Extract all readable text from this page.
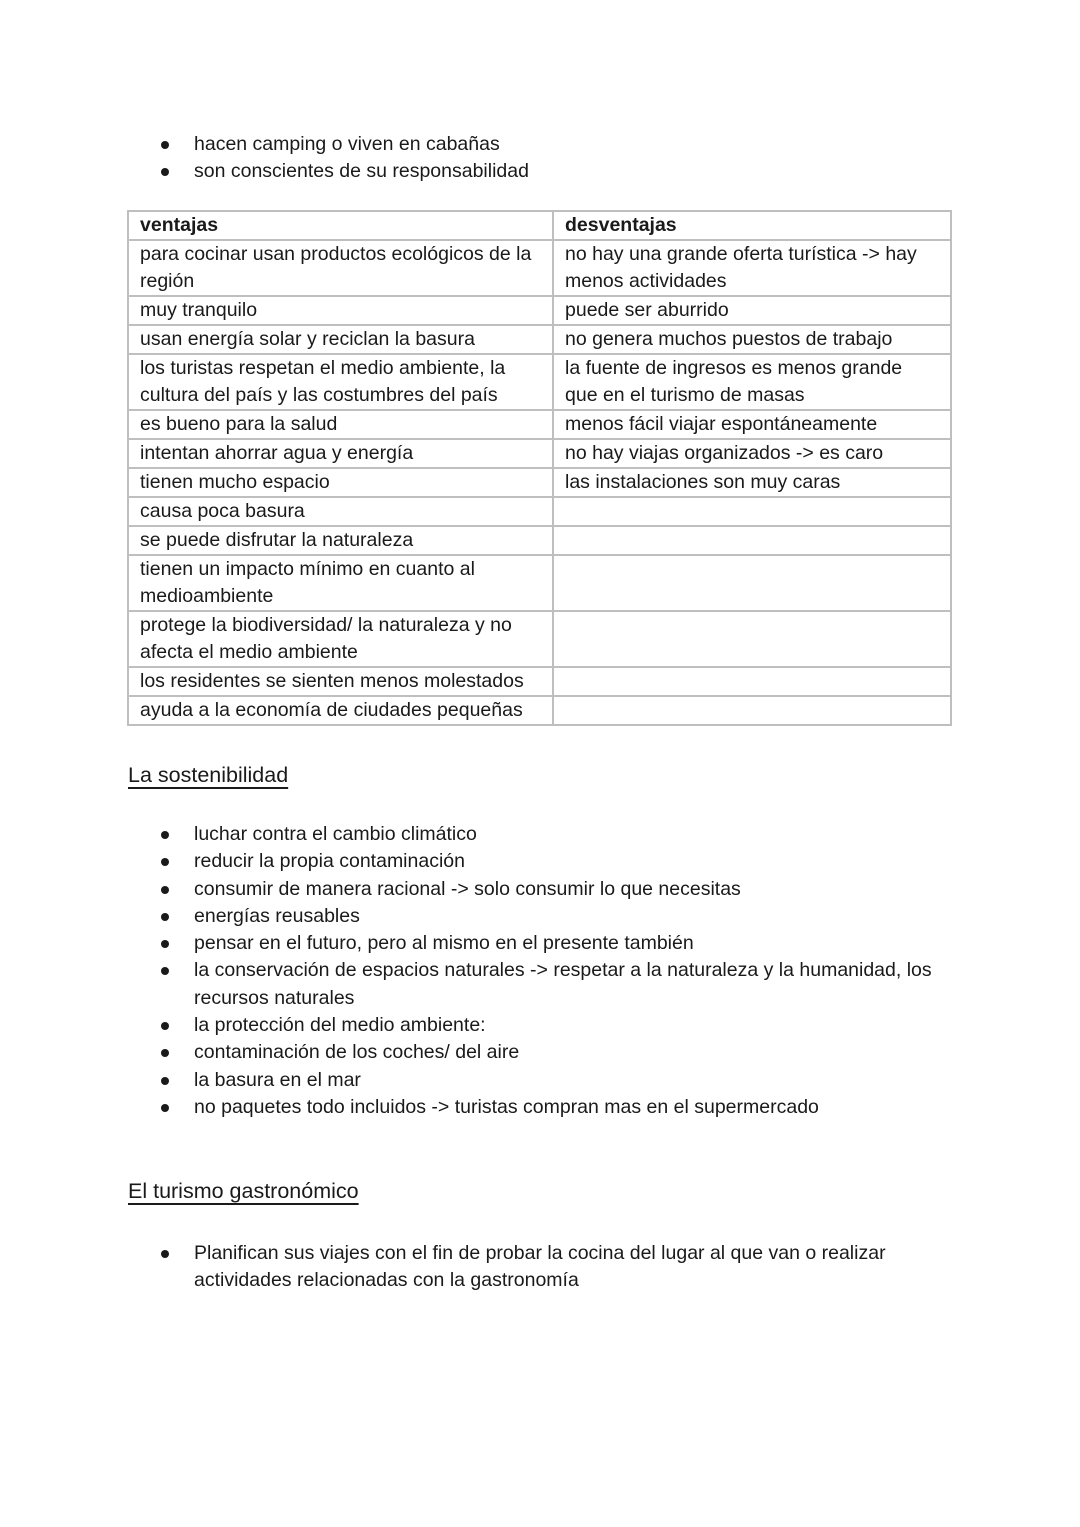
hacen camping o viven en cabañas
son conscientes de su responsabilidad
ventajas	desventajas
para cocinar usan productos ecológicos de la región	no hay una grande oferta turística -> hay menos actividades
muy tranquilo	puede ser aburrido
usan energía solar y reciclan la basura	no genera muchos puestos de trabajo
los turistas respetan el medio ambiente, la cultura del país y las costumbres del país	la fuente de ingresos es menos grande que en el turismo de masas
es bueno para la salud	menos fácil viajar espontáneamente
intentan ahorrar agua y energía	no hay viajas organizados -> es caro
tienen mucho espacio	las instalaciones son muy caras
causa poca basura	
se puede disfrutar la naturaleza	
tienen un impacto mínimo en cuanto al medioambiente	
protege la biodiversidad/ la naturaleza y no afecta el medio ambiente	
los residentes se sienten menos molestados	
ayuda a la economía de ciudades pequeñas	
La sostenibilidad
luchar contra el cambio climático
reducir la propia contaminación
consumir de manera racional -> solo consumir lo que necesitas
energías reusables
pensar en el futuro, pero al mismo en el presente también
la conservación de espacios naturales -> respetar a la naturaleza y la humanidad, los recursos naturales
la protección del medio ambiente:
contaminación de los coches/ del aire
la basura en el mar
no paquetes todo incluidos -> turistas compran mas en el supermercado
El turismo gastronómico
Planifican sus viajes con el fin de probar la cocina del lugar al que van o realizar actividades relacionadas con la gastronomía
